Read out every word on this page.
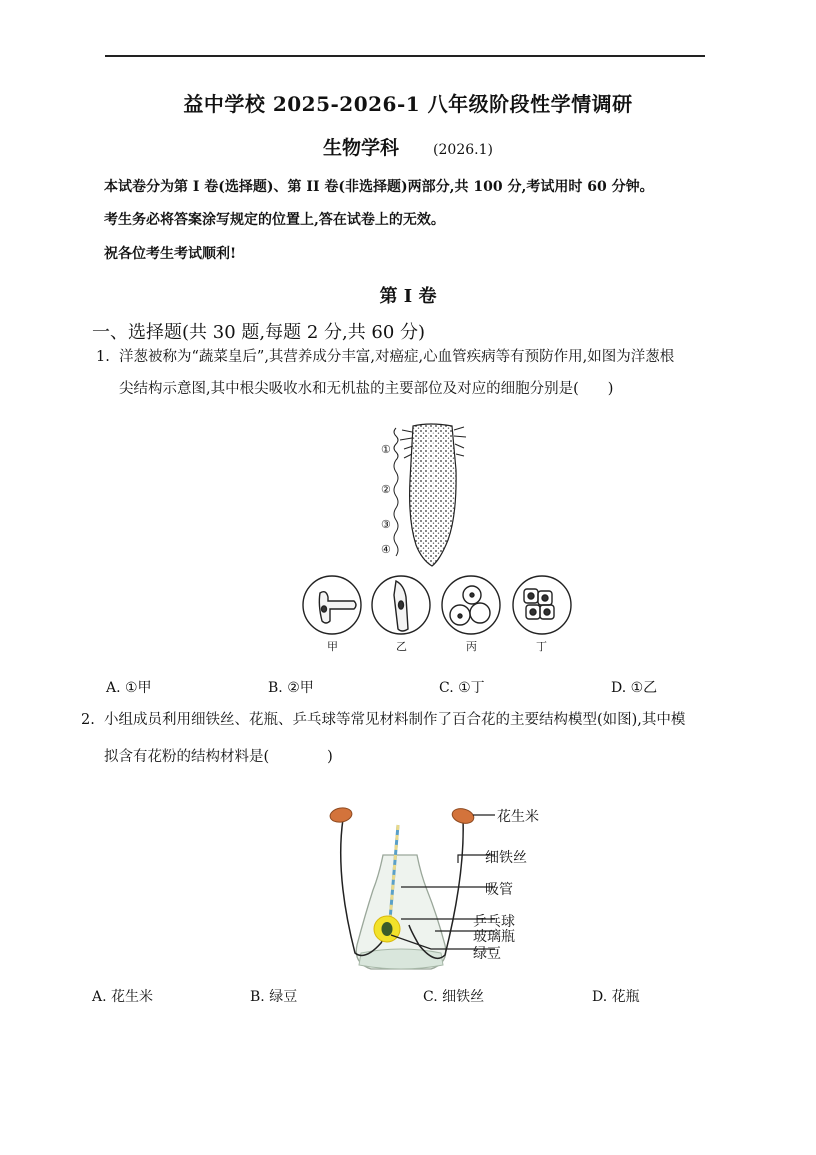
益中学校 2025-2026-1 八年级阶段性学情调研
生物学科 (2026.1)
本试卷分为第 I 卷(选择题)、第 II 卷(非选择题)两部分,共 100 分,考试用时 60 分钟。
考生务必将答案涂写规定的位置上,答在试卷上的无效。
祝各位考生考试顺利!
第 I 卷
一、选择题(共 30 题,每题 2 分,共 60 分)
1. 洋葱被称为“蔬菜皇后”,其营养成分丰富,对癌症,心血管疾病等有预防作用,如图为洋葱根
尖结构示意图,其中根尖吸收水和无机盐的主要部位及对应的细胞分别是(　　)
①
②
③
④
甲	乙	丙	丁
A. ①甲	B. ②甲	C. ①丁	D. ①乙
2. 小组成员利用细铁丝、花瓶、乒乓球等常见材料制作了百合花的主要结构模型(如图),其中模
拟含有花粉的结构材料是(　　　　)
花生米
细铁丝
吸管
乒乓球
玻璃瓶
绿豆
A. 花生米	B. 绿豆	C. 细铁丝	D. 花瓶
